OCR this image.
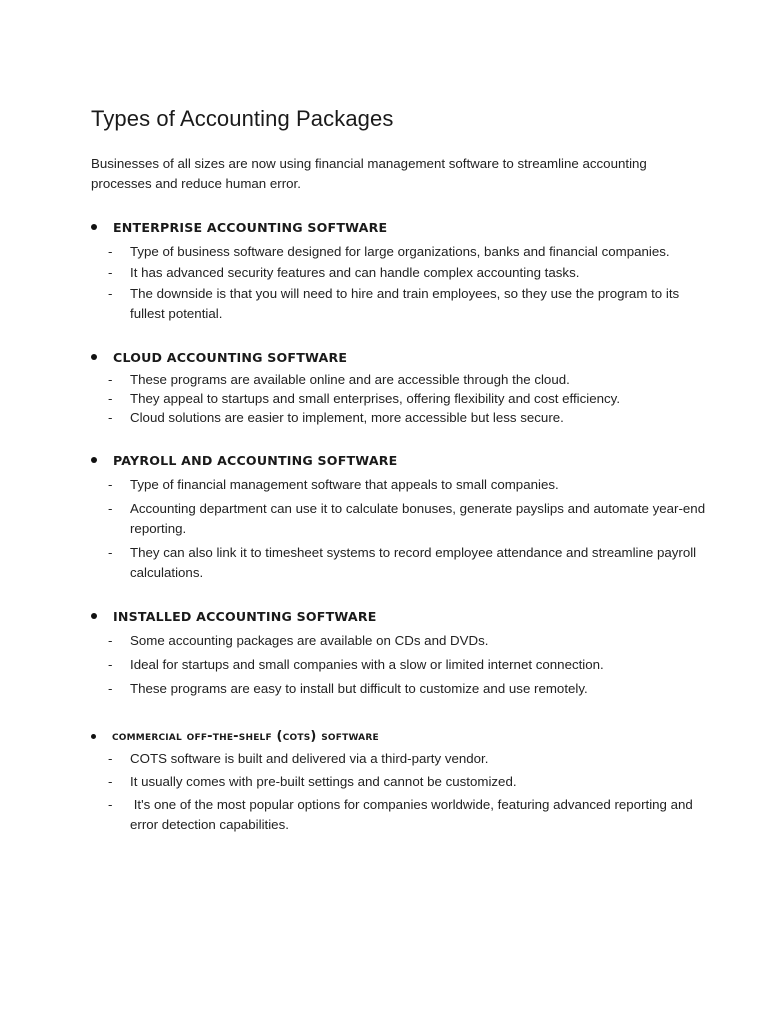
Types of Accounting Packages

Businesses of all sizes are now using financial management software to streamline accounting processes and reduce human error.

ENTERPRISE ACCOUNTING SOFTWARE
- Type of business software designed for large organizations, banks and financial companies.
- It has advanced security features and can handle complex accounting tasks.
- The downside is that you will need to hire and train employees, so they use the program to its fullest potential.
CLOUD ACCOUNTING SOFTWARE
- These programs are available online and are accessible through the cloud.
- They appeal to startups and small enterprises, offering flexibility and cost efficiency.
- Cloud solutions are easier to implement, more accessible but less secure.
PAYROLL AND ACCOUNTING SOFTWARE
- Type of financial management software that appeals to small companies.
- Accounting department can use it to calculate bonuses, generate payslips and automate year-end reporting.
- They can also link it to timesheet systems to record employee attendance and streamline payroll calculations.
INSTALLED ACCOUNTING SOFTWARE
- Some accounting packages are available on CDs and DVDs.
- Ideal for startups and small companies with a slow or limited internet connection.
- These programs are easy to install but difficult to customize and use remotely.
commercial off-the-shelf (cots) software
- COTS software is built and delivered via a third-party vendor.
- It usually comes with pre-built settings and cannot be customized.
- It's one of the most popular options for companies worldwide, featuring advanced reporting and error detection capabilities.
